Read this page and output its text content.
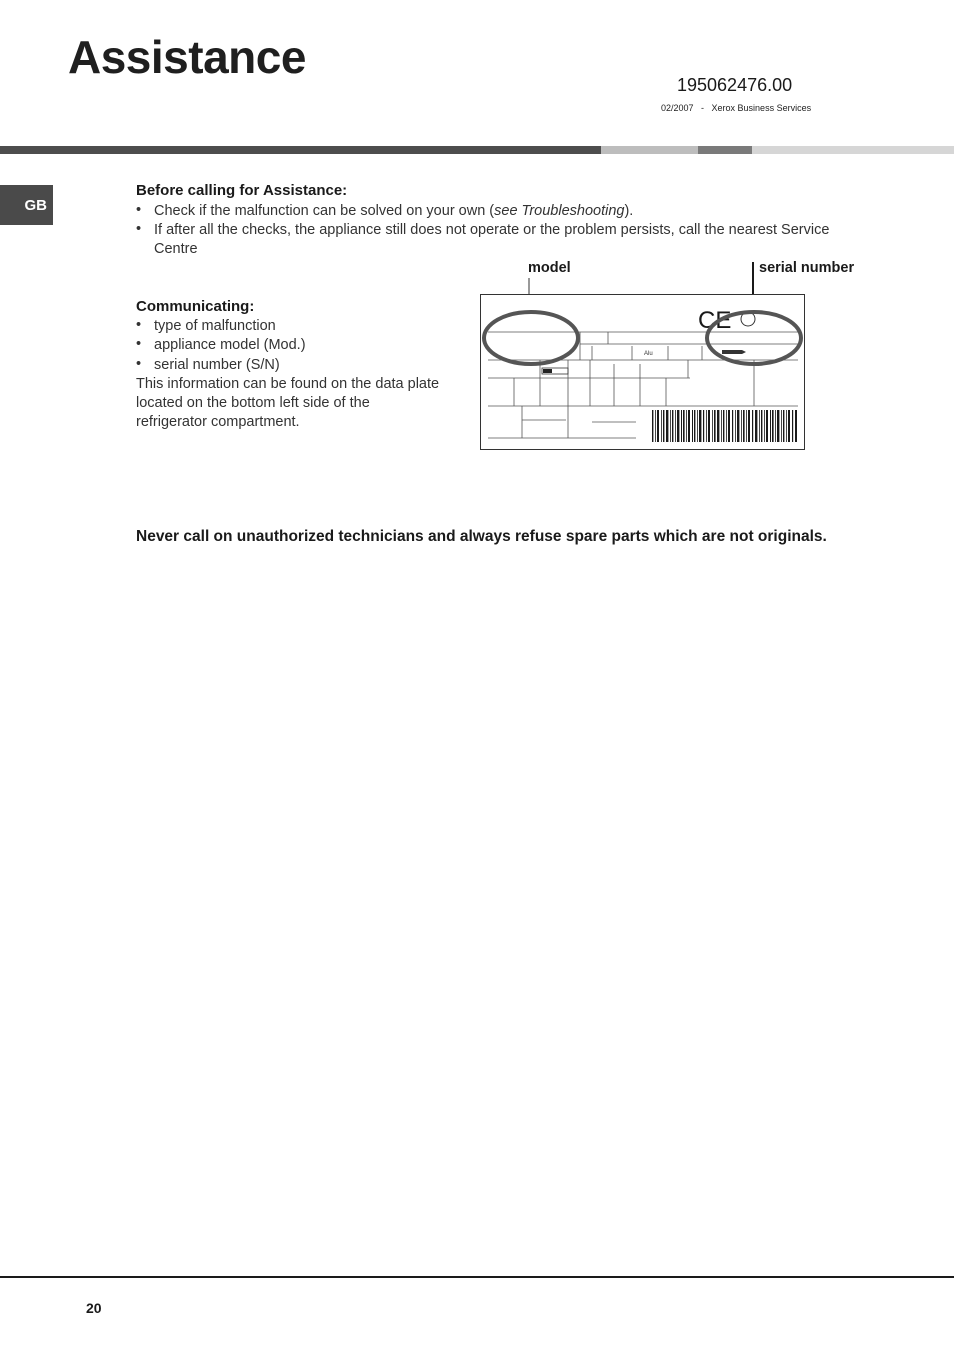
Assistance
195062476.00
02/2007   -   Xerox Business Services
GB
Before calling for Assistance:
• Check if the malfunction can be solved on your own (see Troubleshooting).
• If after all the checks, the appliance still does not operate or the problem persists, call the nearest Service
Centre
Communicating:
• type of malfunction
• appliance model (Mod.)
• serial number (S/N)
This information can be found on the data plate
located on the bottom left side of the
refrigerator compartment.
model	serial number
Alu
CE
Never call on unauthorized technicians and always refuse spare parts which are not originals.
20
